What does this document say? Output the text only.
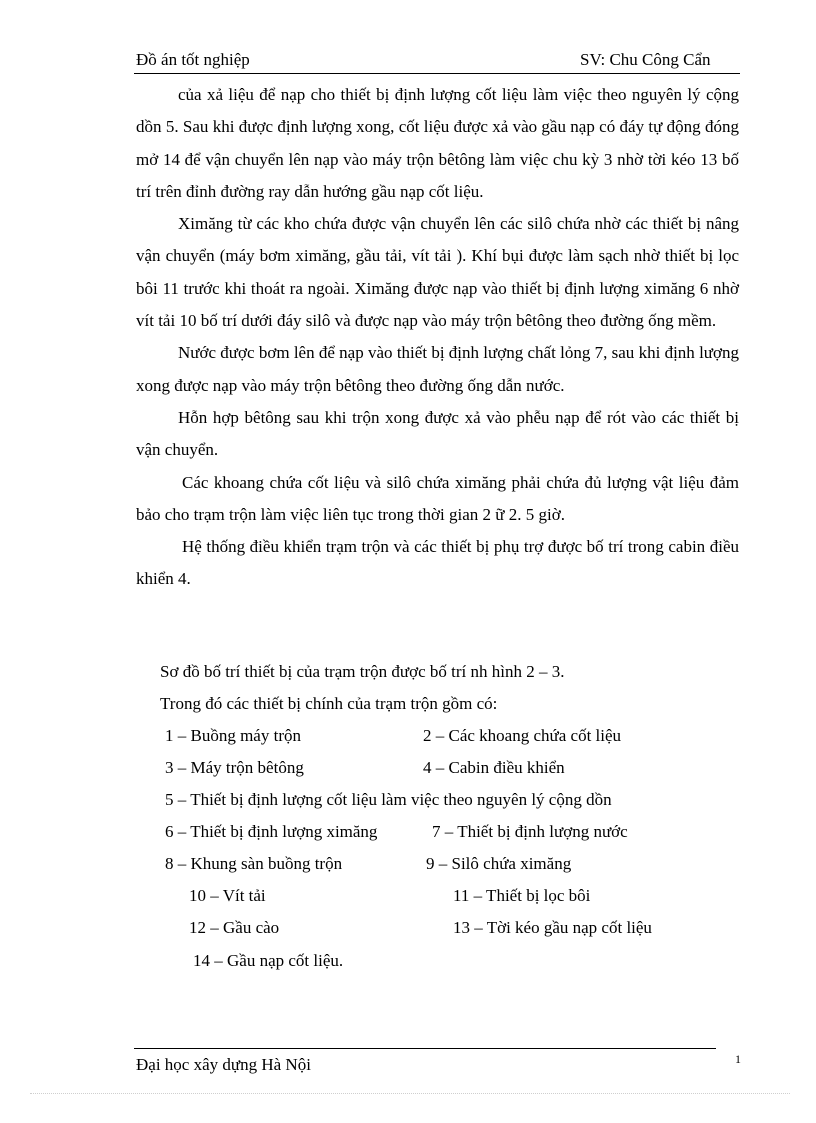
Đồ án tốt nghiệp	SV: Chu Công Cẩn

của xả liệu để nạp cho thiết bị định lượng cốt liệu làm việc theo nguyên lý cộng dồn 5. Sau khi được định lượng xong, cốt liệu được xả vào gầu nạp có đáy tự động đóng mở 14 để vận chuyển lên nạp vào máy trộn bêtông làm việc chu kỳ 3 nhờ tời kéo 13 bố trí trên đỉnh đường ray dẫn hướng gầu nạp cốt liệu.

Ximăng từ các kho chứa được vận chuyển lên các silô chứa nhờ các thiết bị nâng vận chuyển (máy bơm ximăng, gầu tải, vít tải ). Khí bụi được làm sạch nhờ thiết bị lọc bôi 11 trước khi thoát ra ngoài. Ximăng được nạp vào thiết bị định lượng ximăng 6 nhờ vít tải 10 bố trí dưới đáy silô và được nạp vào máy trộn bêtông theo đường ống mềm.

Nước được bơm lên để nạp vào thiết bị định lượng chất lỏng 7, sau khi định lượng xong được nạp vào máy trộn bêtông theo đường ống dẫn nước.

Hỗn hợp bêtông sau khi trộn xong được xả vào phễu nạp để rót vào các thiết bị vận chuyển.

Các khoang chứa cốt liệu và silô chứa ximăng phải chứa đủ lượng vật liệu đảm bảo cho trạm trộn làm việc liên tục trong thời gian 2 ữ 2. 5 giờ.

Hệ thống điều khiển trạm trộn và các thiết bị phụ trợ được bố trí trong cabin điều khiển 4.

Sơ đồ bố trí thiết bị của trạm trộn được bố trí nh hình 2 – 3.
Trong đó các thiết bị chính của trạm trộn gồm có:
1 – Buồng máy trộn	2 – Các khoang chứa cốt liệu
3 – Máy trộn bêtông	4 – Cabin điều khiển
5 – Thiết bị định lượng cốt liệu làm việc theo nguyên lý cộng dồn
6 – Thiết bị định lượng ximăng	7 – Thiết bị định lượng nước
8 – Khung sàn buồng trộn	9 – Silô chứa ximăng
10 – Vít tải	11 – Thiết bị lọc bôi
12 – Gầu cào	13 – Tời kéo gầu nạp cốt liệu
14 – Gầu nạp cốt liệu.
Đại học xây dựng Hà Nội	1
